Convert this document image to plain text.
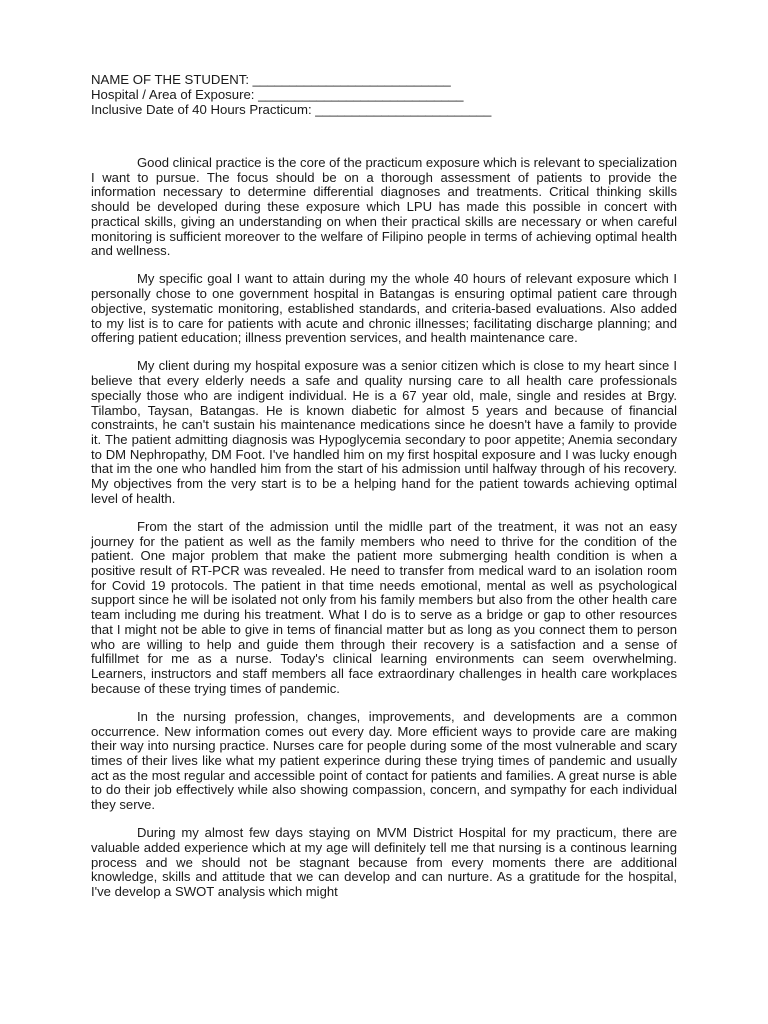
NAME OF THE STUDENT: ___________________________
Hospital / Area of Exposure: ____________________________
Inclusive Date of 40 Hours Practicum: ________________________

Good clinical practice is the core of the practicum exposure which is relevant to specialization I want to pursue. The focus should be on a thorough assessment of patients to provide the information necessary to determine differential diagnoses and treatments. Critical thinking skills should be developed during these exposure which LPU has made this possible in concert with practical skills, giving an understanding on when their practical skills are necessary or when careful monitoring is sufficient moreover to the welfare of Filipino people in terms of achieving optimal health and wellness.

My specific goal I want to attain during my the whole 40 hours of relevant exposure which I personally chose to one government hospital in Batangas is ensuring optimal patient care through objective, systematic monitoring, established standards, and criteria-based evaluations. Also added to my list is to care for patients with acute and chronic illnesses; facilitating discharge planning; and offering patient education; illness prevention services, and health maintenance care.

My client during my hospital exposure was a senior citizen which is close to my heart since I believe that every elderly needs a safe and quality nursing care to all health care professionals specially those who are indigent individual. He is a 67 year old, male, single and resides at Brgy. Tilambo, Taysan, Batangas. He is known diabetic for almost 5 years and because of financial constraints, he can't sustain his maintenance medications since he doesn't have a family to provide it. The patient admitting diagnosis was Hypoglycemia secondary to poor appetite; Anemia secondary to DM Nephropathy, DM Foot. I've handled him on my first hospital exposure and I was lucky enough that im the one who handled him from the start of his admission until halfway through of his recovery. My objectives from the very start is to be a helping hand for the patient towards achieving optimal level of health.

From the start of the admission until the midlle part of the treatment, it was not an easy journey for the patient as well as the family members who need to thrive for the condition of the patient. One major problem that make the patient more submerging health condition is when a positive result of RT-PCR was revealed. He need to transfer from medical ward to an isolation room for Covid 19 protocols. The patient in that time needs emotional, mental as well as psychological support since he will be isolated not only from his family members but also from the other health care team including me during his treatment. What I do is to serve as a bridge or gap to other resources that I might not be able to give in tems of financial matter but as long as you connect them to person who are willing to help and guide them through their recovery is a satisfaction and a sense of fulfillmet for me as a nurse. Today's clinical learning environments can seem overwhelming. Learners, instructors and staff members all face extraordinary challenges in health care workplaces because of these trying times of pandemic.

In the nursing profession, changes, improvements, and developments are a common occurrence. New information comes out every day. More efficient ways to provide care are making their way into nursing practice. Nurses care for people during some of the most vulnerable and scary times of their lives like what my patient experince during these trying times of pandemic and usually act as the most regular and accessible point of contact for patients and families. A great nurse is able to do their job effectively while also showing compassion, concern, and sympathy for each individual they serve.

During my almost few days staying on MVM District Hospital for my practicum, there are valuable added experience which at my age will definitely tell me that nursing is a continous learning process and we should not be stagnant because from every moments there are additional knowledge, skills and attitude that we can develop and can nurture. As a gratitude for the hospital, I've develop a SWOT analysis which might
